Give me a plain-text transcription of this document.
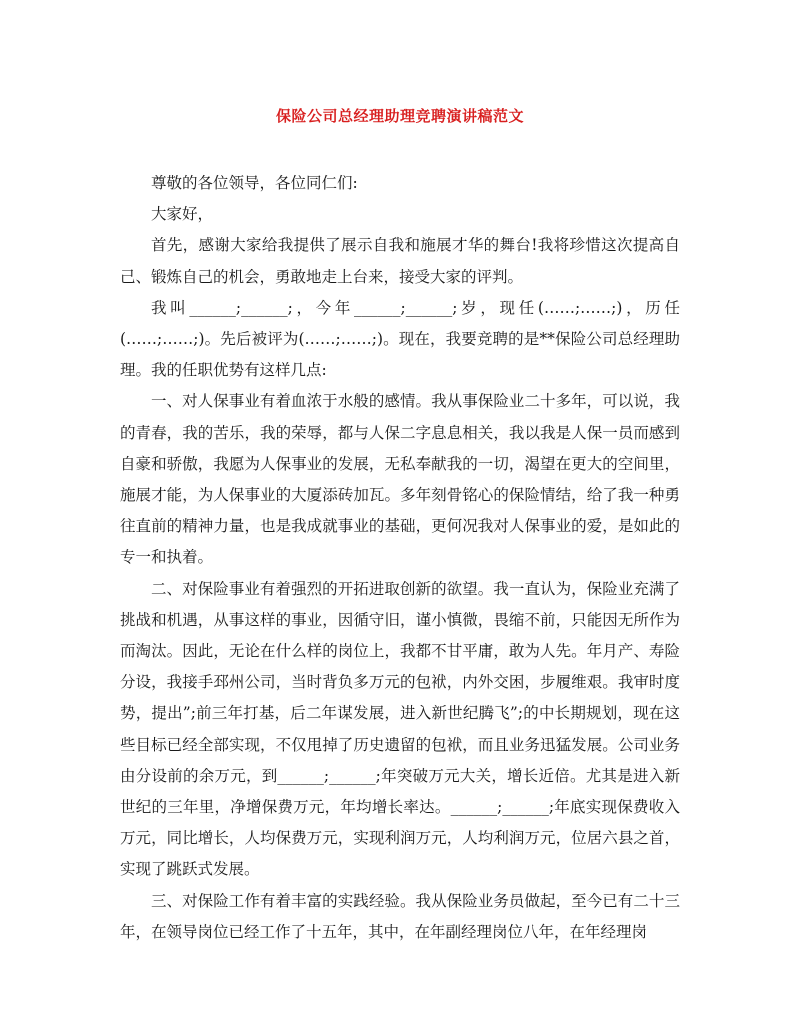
保险公司总经理助理竞聘演讲稿范文

尊敬的各位领导，各位同仁们:

大家好，

首先，感谢大家给我提供了展示自我和施展才华的舞台!我将珍惜这次提高自己、锻炼自己的机会，勇敢地走上台来，接受大家的评判。

我叫______;______;，今年______;______;岁，现任(……;……;)，历任(……;……;)。先后被评为(……;……;)。现在，我要竞聘的是**保险公司总经理助理。我的任职优势有这样几点:

一、对人保事业有着血浓于水般的感情。我从事保险业二十多年，可以说，我的青春，我的苦乐，我的荣辱，都与人保二字息息相关，我以我是人保一员而感到自豪和骄傲，我愿为人保事业的发展，无私奉献我的一切，渴望在更大的空间里，施展才能，为人保事业的大厦添砖加瓦。多年刻骨铭心的保险情结，给了我一种勇往直前的精神力量，也是我成就事业的基础，更何况我对人保事业的爱，是如此的专一和执着。

二、对保险事业有着强烈的开拓进取创新的欲望。我一直认为，保险业充满了挑战和机遇，从事这样的事业，因循守旧，谨小慎微，畏缩不前，只能因无所作为而淘汰。因此，无论在什么样的岗位上，我都不甘平庸，敢为人先。年月产、寿险分设，我接手邳州公司，当时背负多万元的包袱，内外交困，步履维艰。我审时度势，提出”;前三年打基，后二年谋发展，进入新世纪腾飞”;的中长期规划，现在这些目标已经全部实现，不仅甩掉了历史遗留的包袱，而且业务迅猛发展。公司业务由分设前的余万元，到______;______;年突破万元大关，增长近倍。尤其是进入新世纪的三年里，净增保费万元，年均增长率达。______;______;年底实现保费收入万元，同比增长，人均保费万元，实现利润万元，人均利润万元，位居六县之首，实现了跳跃式发展。

三、对保险工作有着丰富的实践经验。我从保险业务员做起，至今已有二十三年，在领导岗位已经工作了十五年，其中，在年副经理岗位八年，在年经理岗
